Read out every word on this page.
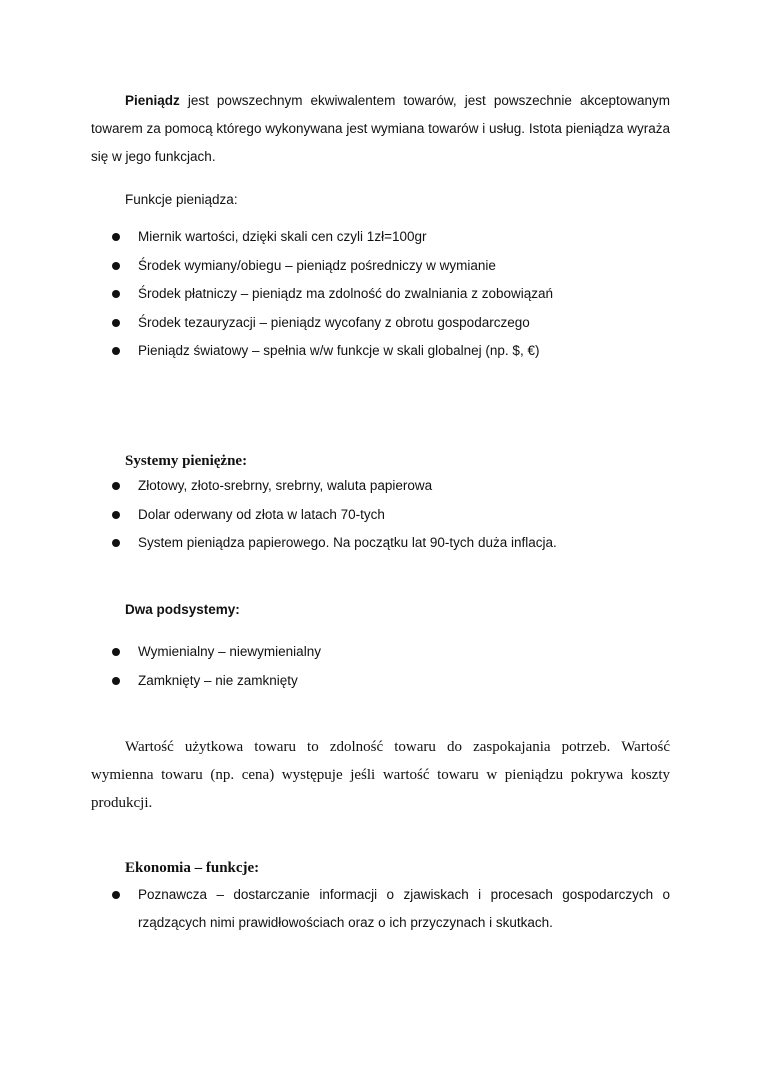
Pieniądz jest powszechnym ekwiwalentem towarów, jest powszechnie akceptowanym towarem za pomocą którego wykonywana jest wymiana towarów i usług. Istota pieniądza wyraża się w jego funkcjach.

Funkcje pieniądza:

Miernik wartości, dzięki skali cen czyli 1zł=100gr
Środek wymiany/obiegu – pieniądz pośredniczy w wymianie
Środek płatniczy – pieniądz ma zdolność do zwalniania z zobowiązań
Środek tezauryzacji – pieniądz wycofany z obrotu gospodarczego
Pieniądz światowy – spełnia w/w funkcje w skali globalnej (np. $, €)

Systemy pieniężne:

Złotowy, złoto-srebrny, srebrny, waluta papierowa
Dolar oderwany od złota w latach 70-tych
System pieniądza papierowego. Na początku lat 90-tych duża inflacja.

Dwa podsystemy:

Wymienialny – niewymienialny
Zamknięty – nie zamknięty

Wartość użytkowa towaru to zdolność towaru do zaspokajania potrzeb. Wartość wymienna towaru (np. cena) występuje jeśli wartość towaru w pieniądzu pokrywa koszty produkcji.

Ekonomia – funkcje:

Poznawcza – dostarczanie informacji o zjawiskach i procesach gospodarczych o rządzących nimi prawidłowościach oraz o ich przyczynach i skutkach.
